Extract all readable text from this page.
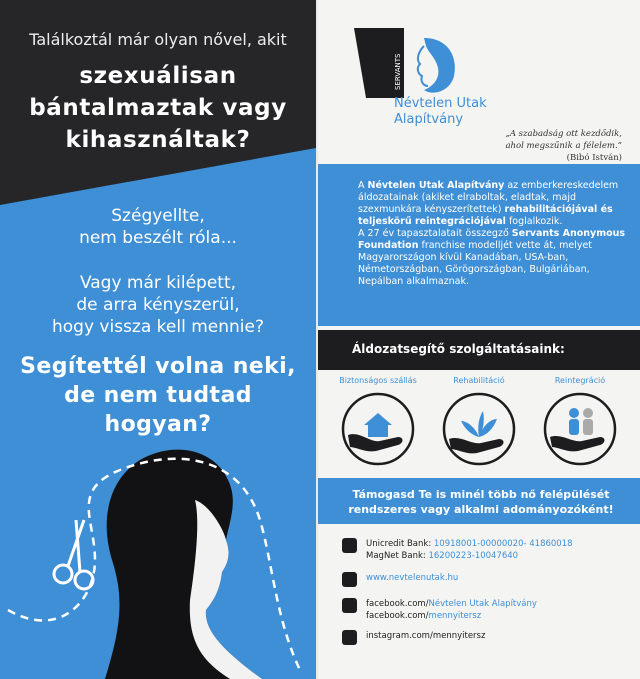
Találkoztál már olyan nővel, akit
szexuálisan
bántalmaztak vagy
kihasználtak?
Szégyellte,
nem beszélt róla...
Vagy már kilépett,
de arra kényszerül,
hogy vissza kell mennie?
Segítettél volna neki,
de nem tudtad
hogyan?
SERVANTS
Névtelen Utak
Alapítvány
„A szabadság ott kezdődik,
ahol megszűnik a félelem.”
(Bibó István)
A Névtelen Utak Alapítvány az emberkereskedelem áldozatainak (akiket elraboltak, eladtak, majd szexmunkára kényszerítettek) rehabilitációjával és teljeskörű reintegrációjával foglalkozik.
A 27 év tapasztalatait összegző Servants Anonymous Foundation franchise modelljét vette át, melyet Magyarországon kívül Kanadában, USA-ban, Németországban, Görögországban, Bulgáriában, Nepálban alkalmaznak.
Áldozatsegítő szolgáltatásaink:
Biztonságos szállás	Rehabilitáció	Reintegráció
Támogasd Te is minél több nő felépülését
rendszeres vagy alkalmi adományozóként!
Unicredit Bank: 10918001-00000020- 41860018
MagNet Bank: 16200223-10047640
www.nevtelenutak.hu
facebook.com/Névtelen Utak Alapítvány
facebook.com/mennyitersz
instagram.com/mennyitersz
